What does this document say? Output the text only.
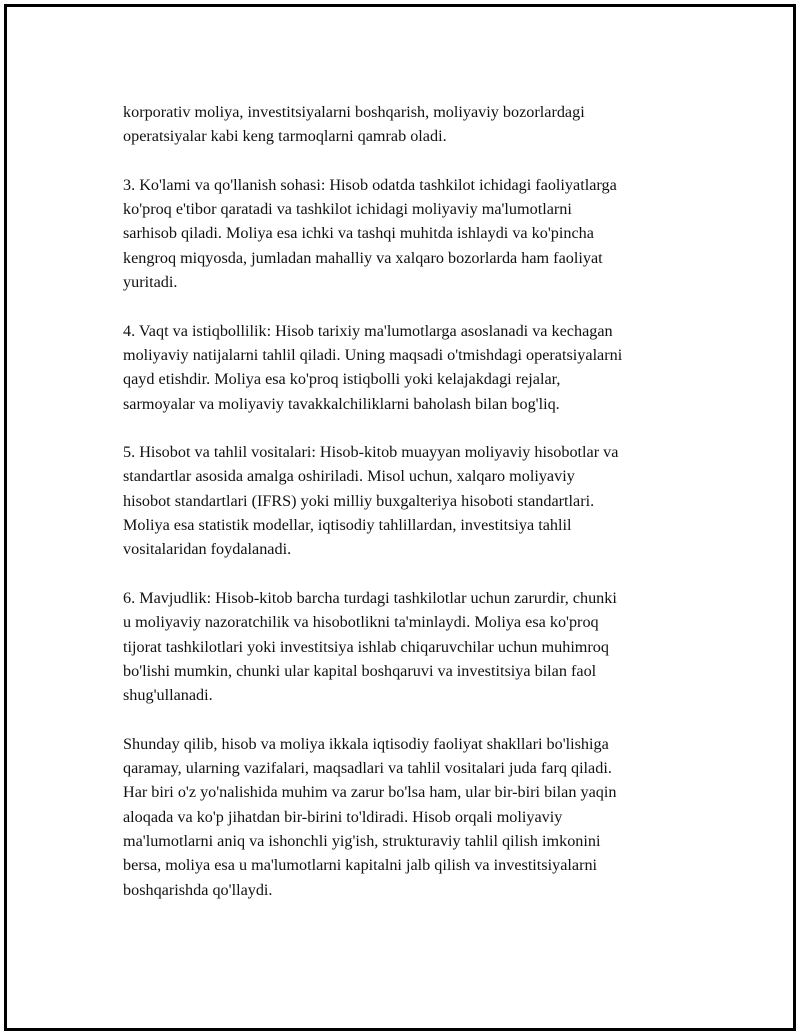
korporativ moliya, investitsiyalarni boshqarish, moliyaviy bozorlardagi
operatsiyalar kabi keng tarmoqlarni qamrab oladi.

3. Ko'lami va qo'llanish sohasi: Hisob odatda tashkilot ichidagi faoliyatlarga
ko'proq e'tibor qaratadi va tashkilot ichidagi moliyaviy ma'lumotlarni
sarhisob qiladi. Moliya esa ichki va tashqi muhitda ishlaydi va ko'pincha
kengroq miqyosda, jumladan mahalliy va xalqaro bozorlarda ham faoliyat
yuritadi.

4. Vaqt va istiqbollilik: Hisob tarixiy ma'lumotlarga asoslanadi va kechagan
moliyaviy natijalarni tahlil qiladi. Uning maqsadi o'tmishdagi operatsiyalarni
qayd etishdir. Moliya esa ko'proq istiqbolli yoki kelajakdagi rejalar,
sarmoyalar va moliyaviy tavakkalchiliklarni baholash bilan bog'liq.

5. Hisobot va tahlil vositalari: Hisob-kitob muayyan moliyaviy hisobotlar va
standartlar asosida amalga oshiriladi. Misol uchun, xalqaro moliyaviy
hisobot standartlari (IFRS) yoki milliy buxgalteriya hisoboti standartlari.
Moliya esa statistik modellar, iqtisodiy tahlillardan, investitsiya tahlil
vositalaridan foydalanadi.

6. Mavjudlik: Hisob-kitob barcha turdagi tashkilotlar uchun zarurdir, chunki
u moliyaviy nazoratchilik va hisobotlikni ta'minlaydi. Moliya esa ko'proq
tijorat tashkilotlari yoki investitsiya ishlab chiqaruvchilar uchun muhimroq
bo'lishi mumkin, chunki ular kapital boshqaruvi va investitsiya bilan faol
shug'ullanadi.

Shunday qilib, hisob va moliya ikkala iqtisodiy faoliyat shakllari bo'lishiga
qaramay, ularning vazifalari, maqsadlari va tahlil vositalari juda farq qiladi.
Har biri o'z yo'nalishida muhim va zarur bo'lsa ham, ular bir-biri bilan yaqin
aloqada va ko'p jihatdan bir-birini to'ldiradi. Hisob orqali moliyaviy
ma'lumotlarni aniq va ishonchli yig'ish, strukturaviy tahlil qilish imkonini
bersa, moliya esa u ma'lumotlarni kapitalni jalb qilish va investitsiyalarni
boshqarishda qo'llaydi.
